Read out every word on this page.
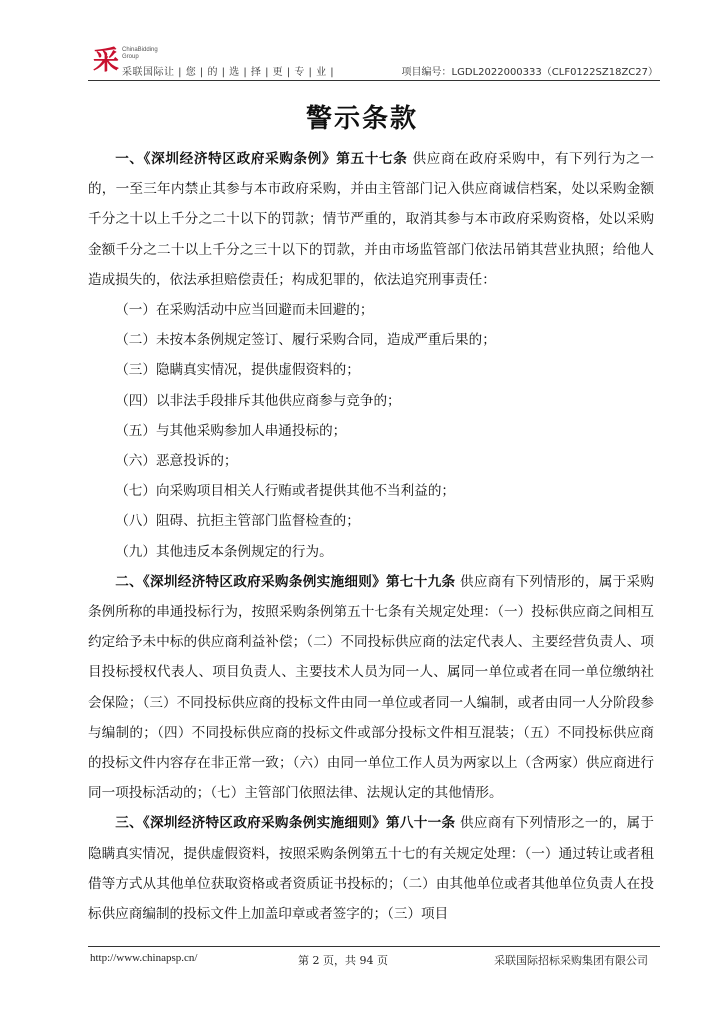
采 ChinaBidding Group
采联国际让 | 您 | 的 | 选 | 择 | 更 | 专 | 业 |	项目编号：LGDL2022000333（CLF0122SZ18ZC27）
警示条款

一、《深圳经济特区政府采购条例》第五十七条 供应商在政府采购中，有下列行为之一的，一至三年内禁止其参与本市政府采购，并由主管部门记入供应商诚信档案，处以采购金额千分之十以上千分之二十以下的罚款；情节严重的，取消其参与本市政府采购资格，处以采购金额千分之二十以上千分之三十以下的罚款，并由市场监管部门依法吊销其营业执照；给他人造成损失的，依法承担赔偿责任；构成犯罪的，依法追究刑事责任：

（一）在采购活动中应当回避而未回避的；

（二）未按本条例规定签订、履行采购合同，造成严重后果的；

（三）隐瞒真实情况，提供虚假资料的；

（四）以非法手段排斥其他供应商参与竞争的；

（五）与其他采购参加人串通投标的；

（六）恶意投诉的；

（七）向采购项目相关人行贿或者提供其他不当利益的；

（八）阻碍、抗拒主管部门监督检查的；

（九）其他违反本条例规定的行为。

二、《深圳经济特区政府采购条例实施细则》第七十九条 供应商有下列情形的，属于采购条例所称的串通投标行为，按照采购条例第五十七条有关规定处理：（一）投标供应商之间相互约定给予未中标的供应商利益补偿；（二）不同投标供应商的法定代表人、主要经营负责人、项目投标授权代表人、项目负责人、主要技术人员为同一人、属同一单位或者在同一单位缴纳社会保险；（三）不同投标供应商的投标文件由同一单位或者同一人编制，或者由同一人分阶段参与编制的；（四）不同投标供应商的投标文件或部分投标文件相互混装；（五）不同投标供应商的投标文件内容存在非正常一致；（六）由同一单位工作人员为两家以上（含两家）供应商进行同一项投标活动的；（七）主管部门依照法律、法规认定的其他情形。

三、《深圳经济特区政府采购条例实施细则》第八十一条 供应商有下列情形之一的，属于隐瞒真实情况，提供虚假资料，按照采购条例第五十七的有关规定处理：（一）通过转让或者租借等方式从其他单位获取资格或者资质证书投标的；（二）由其他单位或者其他单位负责人在投标供应商编制的投标文件上加盖印章或者签字的；（三）项目

http://www.chinapsp.cn/	第 2 页，共 94 页	采联国际招标采购集团有限公司
